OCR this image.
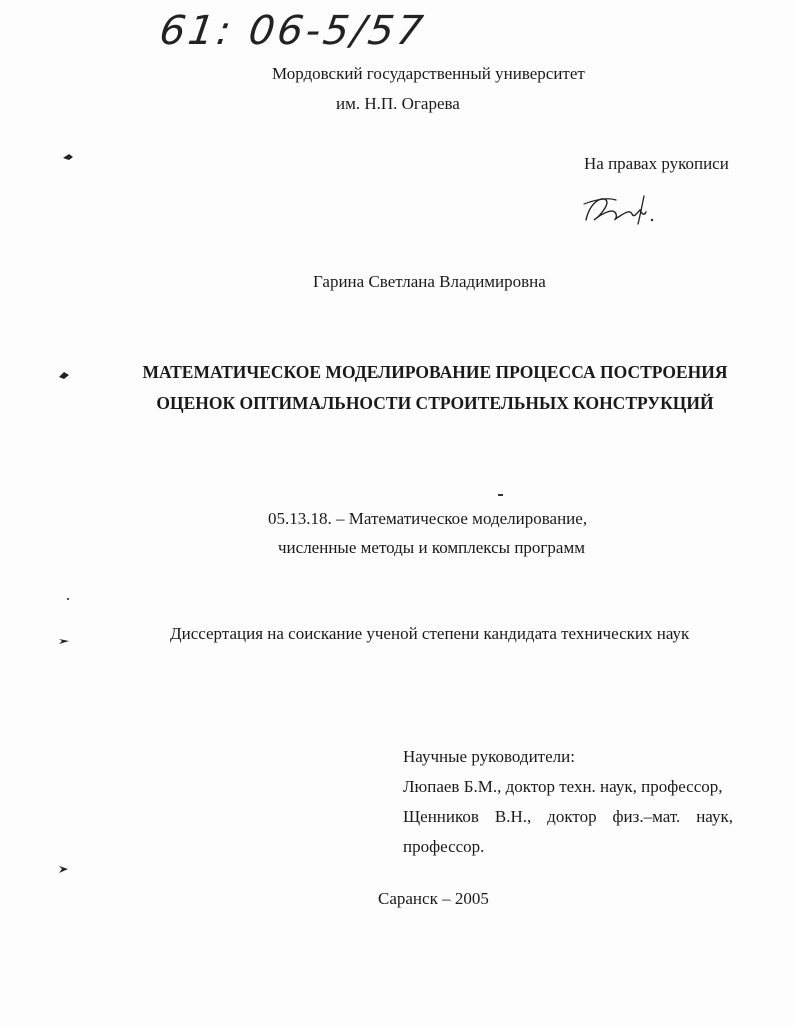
61: 06-5/57
Мордовский государственный университет
им. Н.П. Огарева
На правах рукописи
Гарина Светлана Владимировна
МАТЕМАТИЧЕСКОЕ МОДЕЛИРОВАНИЕ ПРОЦЕССА ПОСТРОЕНИЯ
ОЦЕНОК ОПТИМАЛЬНОСТИ СТРОИТЕЛЬНЫХ КОНСТРУКЦИЙ
05.13.18. – Математическое моделирование,
численные методы и комплексы программ
Диссертация на соискание ученой степени кандидата технических наук
Научные руководители:
Люпаев Б.М., доктор техн. наук, профессор,
Щенников В.Н., доктор физ.–мат. наук,
профессор.
Саранск – 2005
